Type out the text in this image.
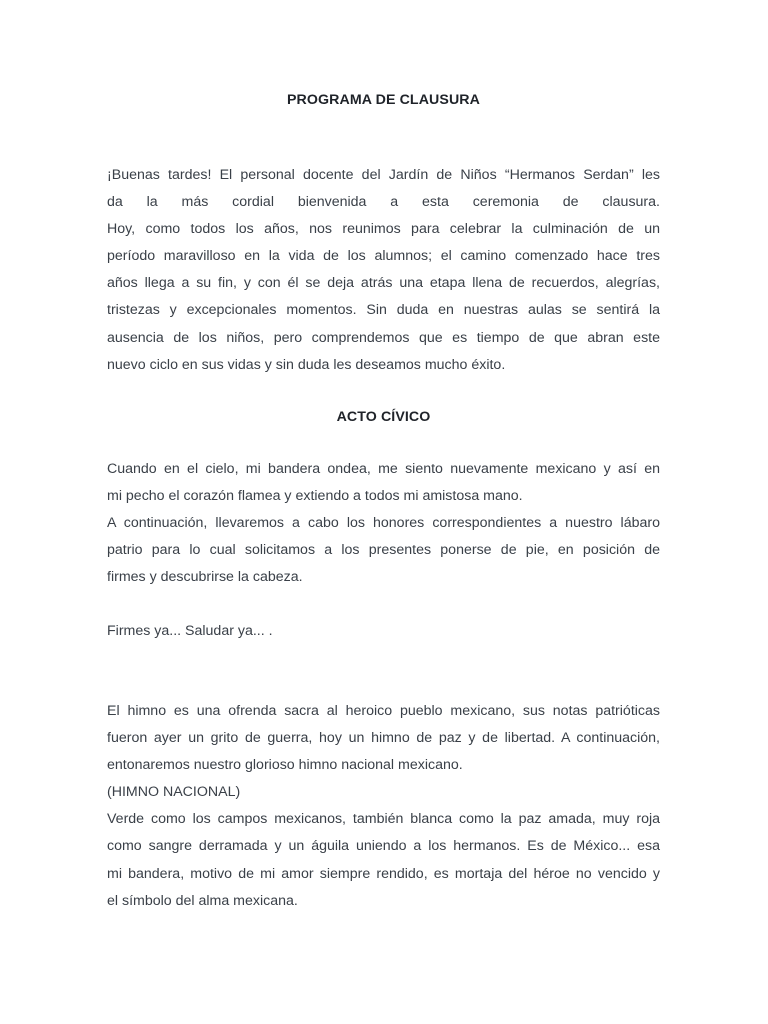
PROGRAMA DE CLAUSURA
¡Buenas tardes! El personal docente del Jardín de Niños “Hermanos Serdan” les
da la más cordial bienvenida a esta ceremonia de clausura.
Hoy, como todos los años, nos reunimos para celebrar la culminación de un
período maravilloso en la vida de los alumnos; el camino comenzado hace tres
años llega a su fin, y con él se deja atrás una etapa llena de recuerdos, alegrías,
tristezas y excepcionales momentos. Sin duda en nuestras aulas se sentirá la
ausencia de los niños, pero comprendemos que es tiempo de que abran este
nuevo ciclo en sus vidas y sin duda les deseamos mucho éxito.
ACTO CÍVICO
Cuando en el cielo, mi bandera ondea, me siento nuevamente mexicano y así en
mi pecho el corazón flamea y extiendo a todos mi amistosa mano.
A continuación, llevaremos a cabo los honores correspondientes a nuestro lábaro
patrio para lo cual solicitamos a los presentes ponerse de pie, en posición de
firmes y descubrirse la cabeza.
Firmes ya... Saludar ya... .
El himno es una ofrenda sacra al heroico pueblo mexicano, sus notas patrióticas
fueron ayer un grito de guerra, hoy un himno de paz y de libertad. A continuación,
entonaremos nuestro glorioso himno nacional mexicano.
(HIMNO NACIONAL)
Verde como los campos mexicanos, también blanca como la paz amada, muy roja
como sangre derramada y un águila uniendo a los hermanos. Es de México... esa
mi bandera, motivo de mi amor siempre rendido, es mortaja del héroe no vencido y
el símbolo del alma mexicana.
